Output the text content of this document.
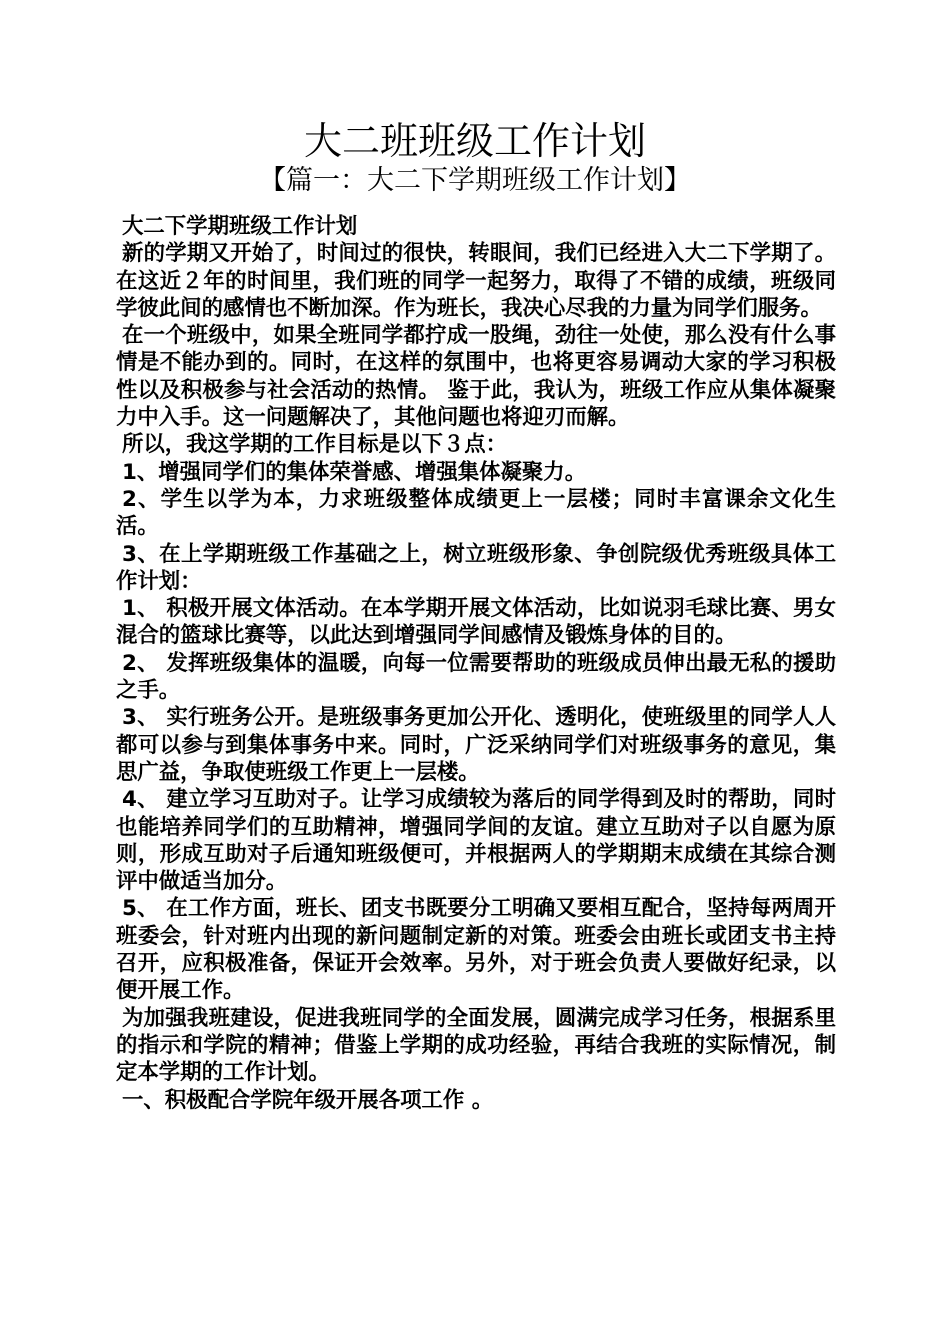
大二班班级工作计划
【篇一：大二下学期班级工作计划】

大二下学期班级工作计划

新的学期又开始了，时间过的很快，转眼间，我们已经进入大二下学期了。在这近２年的时间里，我们班的同学一起努力，取得了不错的成绩，班级同学彼此间的感情也不断加深。作为班长，我决心尽我的力量为同学们服务。

在一个班级中，如果全班同学都拧成一股绳，劲往一处使，那么没有什么事情是不能办到的。同时，在这样的氛围中，也将更容易调动大家的学习积极性以及积极参与社会活动的热情。 鉴于此，我认为，班级工作应从集体凝聚力中入手。这一问题解决了，其他问题也将迎刃而解。

所以，我这学期的工作目标是以下３点：

1、增强同学们的集体荣誉感、增强集体凝聚力。

2、学生以学为本，力求班级整体成绩更上一层楼；同时丰富课余文化生活。

3、在上学期班级工作基础之上，树立班级形象、争创院级优秀班级具体工作计划：

1、 积极开展文体活动。在本学期开展文体活动，比如说羽毛球比赛、男女混合的篮球比赛等，以此达到增强同学间感情及锻炼身体的目的。

2、 发挥班级集体的温暖，向每一位需要帮助的班级成员伸出最无私的援助之手。

3、 实行班务公开。是班级事务更加公开化、透明化，使班级里的同学人人都可以参与到集体事务中来。同时，广泛采纳同学们对班级事务的意见，集思广益，争取使班级工作更上一层楼。

4、 建立学习互助对子。让学习成绩较为落后的同学得到及时的帮助，同时也能培养同学们的互助精神，增强同学间的友谊。建立互助对子以自愿为原则，形成互助对子后通知班级便可，并根据两人的学期期末成绩在其综合测评中做适当加分。

5、 在工作方面，班长、团支书既要分工明确又要相互配合，坚持每两周开班委会，针对班内出现的新问题制定新的对策。班委会由班长或团支书主持召开，应积极准备，保证开会效率。另外，对于班会负责人要做好纪录，以便开展工作。

为加强我班建设，促进我班同学的全面发展，圆满完成学习任务，根据系里的指示和学院的精神；借鉴上学期的成功经验，再结合我班的实际情况，制定本学期的工作计划。

一、积极配合学院年级开展各项工作 。
